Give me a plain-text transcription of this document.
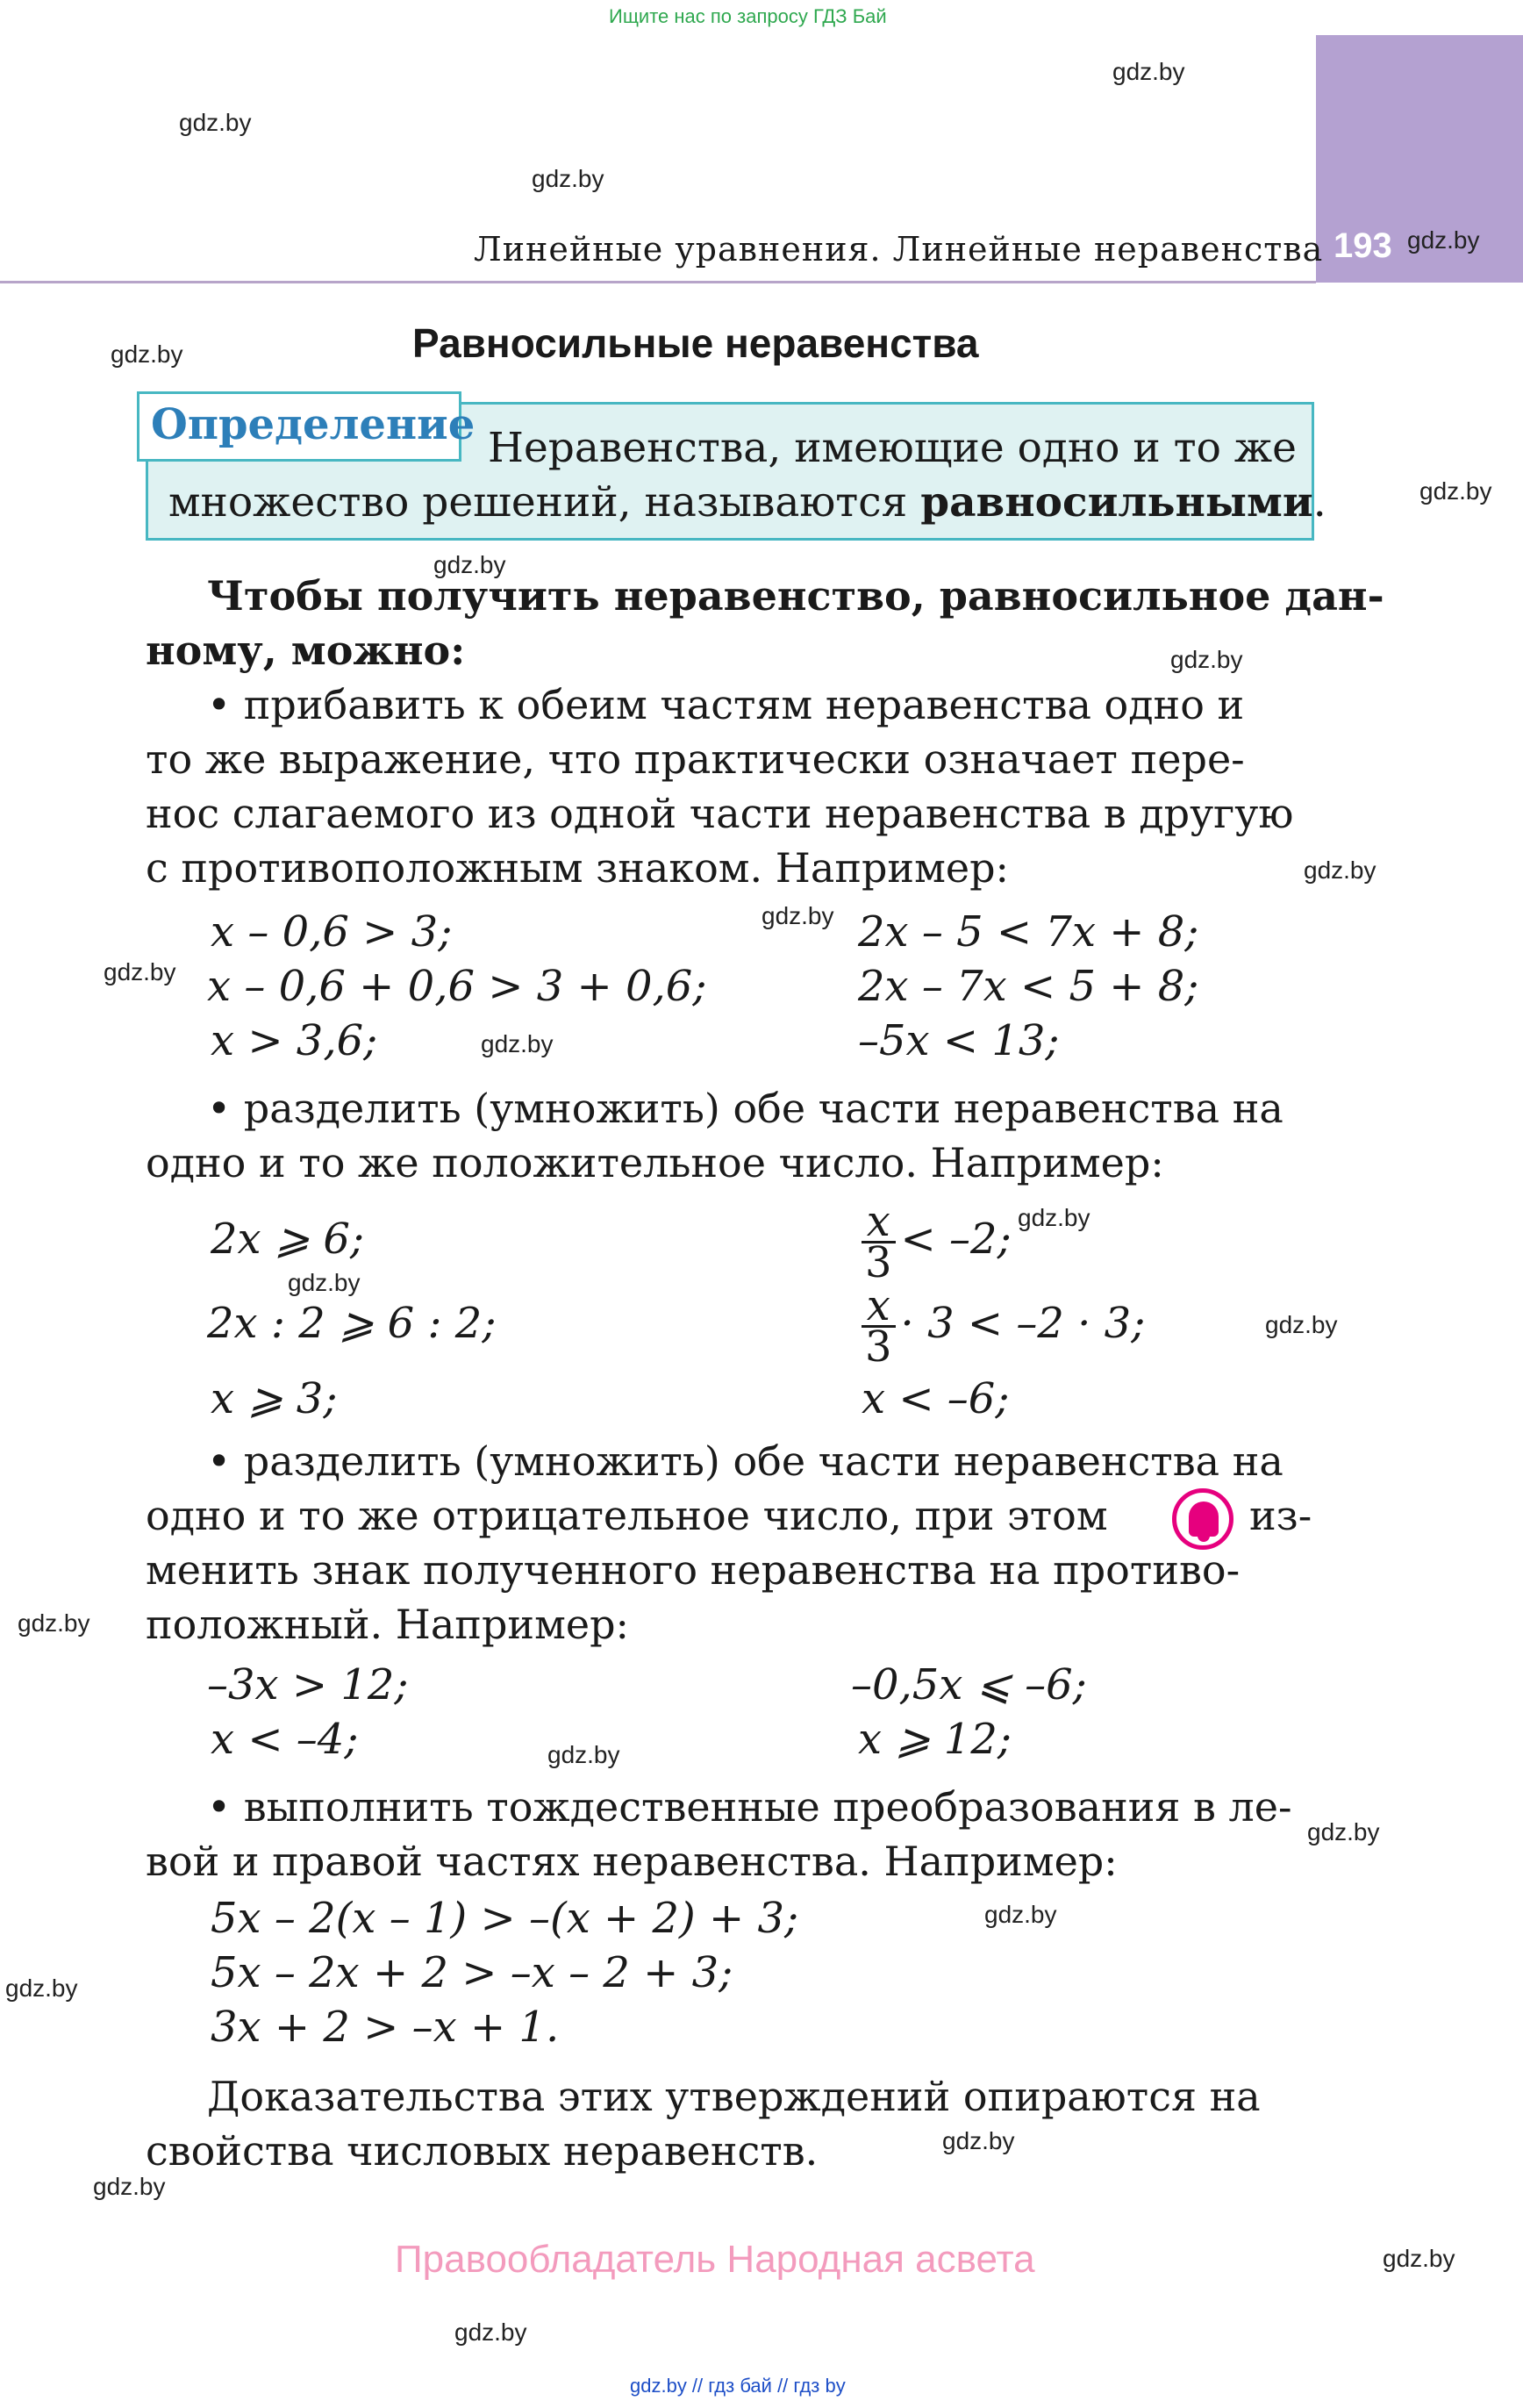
Ищите нас по запросу ГДЗ Бай
Линейные уравнения. Линейные неравенства 193
gdz.by
gdz.by
gdz.by
gdz.by
gdz.by
gdz.by
gdz.by
gdz.by
gdz.by
gdz.by
gdz.by
gdz.by
gdz.by
gdz.by
gdz.by
gdz.by
gdz.by
gdz.by
gdz.by
gdz.by
gdz.by
gdz.by
gdz.by
gdz.by
Равносильные неравенства
Определение Неравенства, имеющие одно и то же
множество решений, называются равносильными.
Чтобы получить неравенство, равносильное дан-
ному, можно:
• прибавить к обеим частям неравенства одно и
то же выражение, что практически означает пере-
нос слагаемого из одной части неравенства в другую
с противоположным знаком. Например:
x – 0,6 > 3;
x – 0,6 + 0,6 > 3 + 0,6;
x > 3,6;
2x – 5 < 7x + 8;
2x – 7x < 5 + 8;
–5x < 13;
• разделить (умножить) обе части неравенства на
одно и то же положительное число. Например:
2x ⩾ 6;
2x : 2 ⩾ 6 : 2;
x ⩾ 3;
$\frac{x}{3} < -2$;
$\frac{x}{3} \cdot 3 < -2 \cdot 3$;
x < –6;
• разделить (умножить) обе части неравенства на
одно и то же отрицательное число, при этом	из-
менить знак полученного неравенства на противо-
положный. Например:
–3x > 12;
x < –4;
–0,5x ⩽ –6;
x ⩾ 12;
• выполнить тождественные преобразования в ле-
вой и правой частях неравенства. Например:
5x – 2(x – 1) > –(x + 2) + 3;
5x – 2x + 2 > –x – 2 + 3;
3x + 2 > –x + 1.
Доказательства этих утверждений опираются на
свойства числовых неравенств.
Правообладатель Народная асвета
gdz.by // гдз бай // гдз by
